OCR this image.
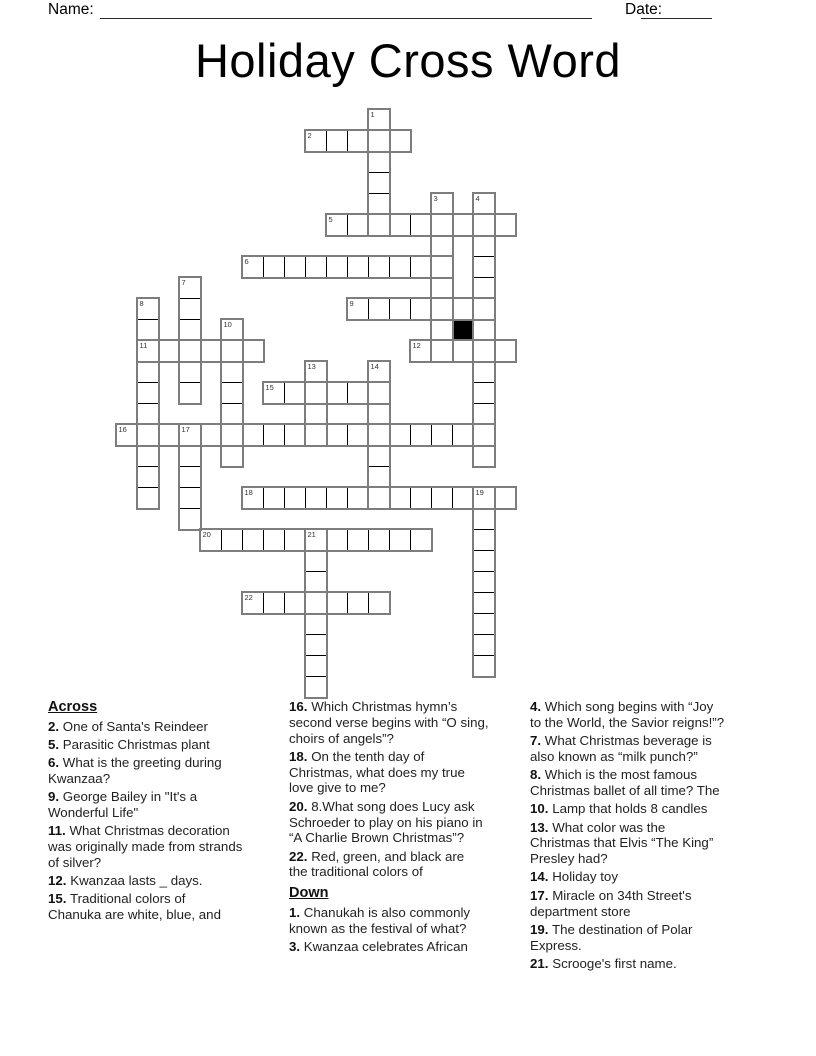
Name:	Date:
Holiday Cross Word
1
2
3	4
5
6
7
8	9
10
11	12
13	14
15
16	17
18	19
20	21
22
Across

2. One of Santa's Reindeer

5. Parasitic Christmas plant

6. What is the greeting during
Kwanzaa?

9. George Bailey in "It's a
Wonderful Life"

11. What Christmas decoration
was originally made from strands
of silver?

12. Kwanzaa lasts _ days.

15. Traditional colors of
Chanuka are white, blue, and

16. Which Christmas hymn’s
second verse begins with “O sing,
choirs of angels”?

18. On the tenth day of
Christmas, what does my true
love give to me?

20. 8.What song does Lucy ask
Schroeder to play on his piano in
“A Charlie Brown Christmas”?

22. Red, green, and black are
the traditional colors of

Down

1. Chanukah is also commonly
known as the festival of what?

3. Kwanzaa celebrates African

4. Which song begins with “Joy
to the World, the Savior reigns!”?

7. What Christmas beverage is
also known as “milk punch?”

8. Which is the most famous
Christmas ballet of all time? The

10. Lamp that holds 8 candles

13. What color was the
Christmas that Elvis “The King”
Presley had?

14. Holiday toy

17. Miracle on 34th Street's
department store

19. The destination of Polar
Express.

21. Scrooge's first name.
